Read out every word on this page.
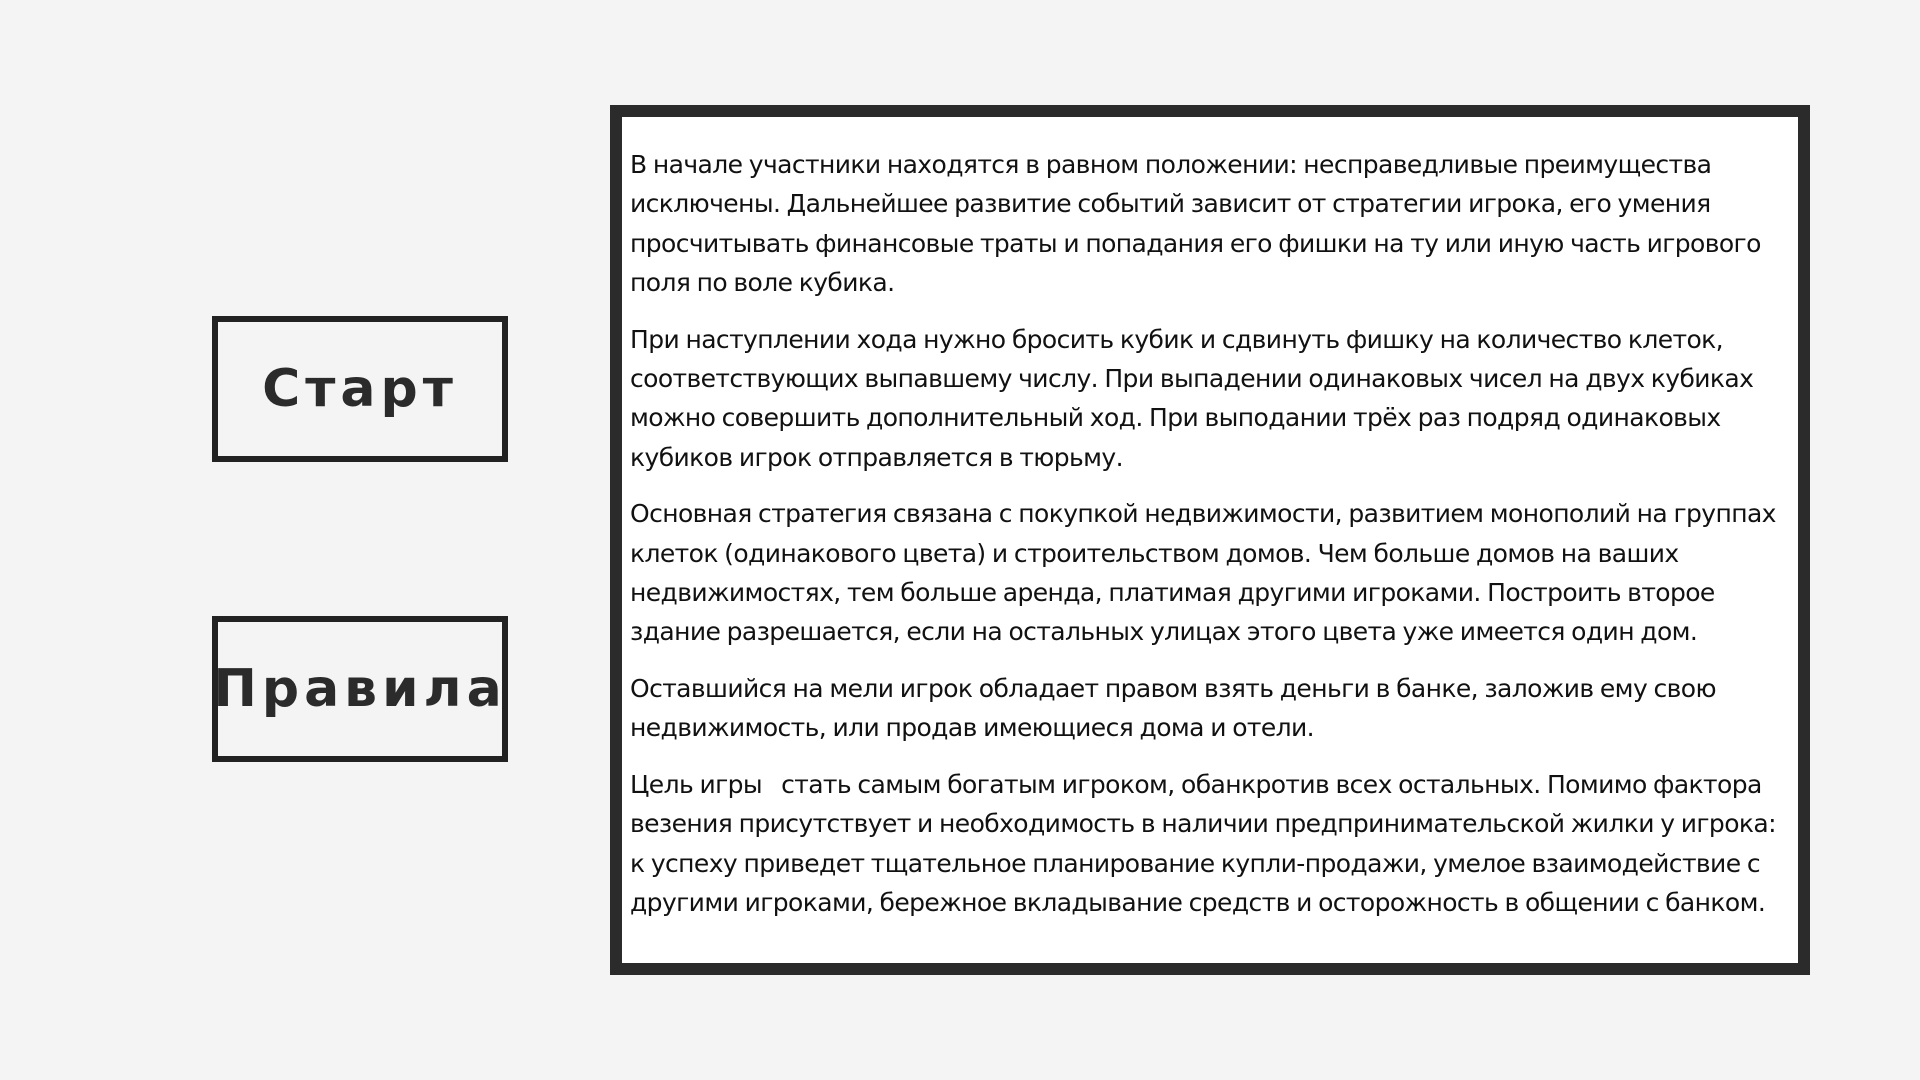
Старт
Правила

В начале участники находятся в равном положении: несправедливые преимущества исключены. Дальнейшее развитие событий зависит от стратегии игрока, его умения просчитывать финансовые траты и попадания его фишки на ту или иную часть игрового поля по воле кубика.

При наступлении хода нужно бросить кубик и сдвинуть фишку на количество клеток, соответствующих выпавшему числу. При выпадении одинаковых чисел на двух кубиках можно совершить дополнительный ход. При выподании трёх раз подряд одинаковых кубиков игрок отправляется в тюрьму.

Основная стратегия связана с покупкой недвижимости, развитием монополий на группах клеток (одинакового цвета) и строительством домов. Чем больше домов на ваших недвижимостях, тем больше аренда, платимая другими игроками. Построить второе здание разрешается, если на остальных улицах этого цвета уже имеется один дом.

Оставшийся на мели игрок обладает правом взять деньги в банке, заложив ему свою недвижимость, или продав имеющиеся дома и отели.

Цель игры   стать самым богатым игроком, обанкротив всех остальных. Помимо фактора везения присутствует и необходимость в наличии предпринимательской жилки у игрока: к успеху приведет тщательное планирование купли-продажи, умелое взаимодействие с другими игроками, бережное вкладывание средств и осторожность в общении с банком.
